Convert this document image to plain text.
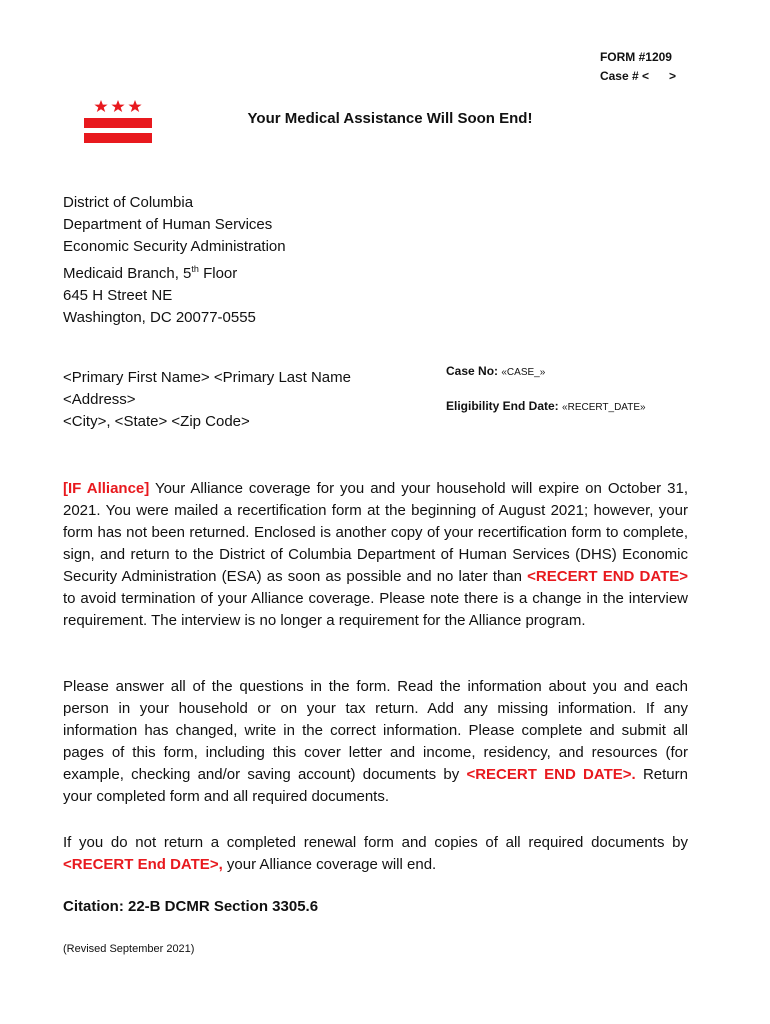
FORM #1209
Case # < >
Your Medical Assistance Will Soon End!
District of Columbia
Department of Human Services
Economic Security Administration
Medicaid Branch, 5th Floor
645 H Street NE
Washington, DC 20077-0555
<Primary First Name> <Primary Last Name
<Address>
<City>, <State> <Zip Code>
Case No: «CASE_»
Eligibility End Date: «RECERT_DATE»
[IF Alliance] Your Alliance coverage for you and your household will expire on October 31, 2021. You were mailed a recertification form at the beginning of August 2021; however, your form has not been returned. Enclosed is another copy of your recertification form to complete, sign, and return to the District of Columbia Department of Human Services (DHS) Economic Security Administration (ESA) as soon as possible and no later than <RECERT END DATE> to avoid termination of your Alliance coverage. Please note there is a change in the interview requirement. The interview is no longer a requirement for the Alliance program.
Please answer all of the questions in the form. Read the information about you and each person in your household or on your tax return. Add any missing information. If any information has changed, write in the correct information. Please complete and submit all pages of this form, including this cover letter and income, residency, and resources (for example, checking and/or saving account) documents by <RECERT END DATE>. Return your completed form and all required documents.
If you do not return a completed renewal form and copies of all required documents by <RECERT End DATE>, your Alliance coverage will end.
Citation: 22-B DCMR Section 3305.6
(Revised September 2021)
